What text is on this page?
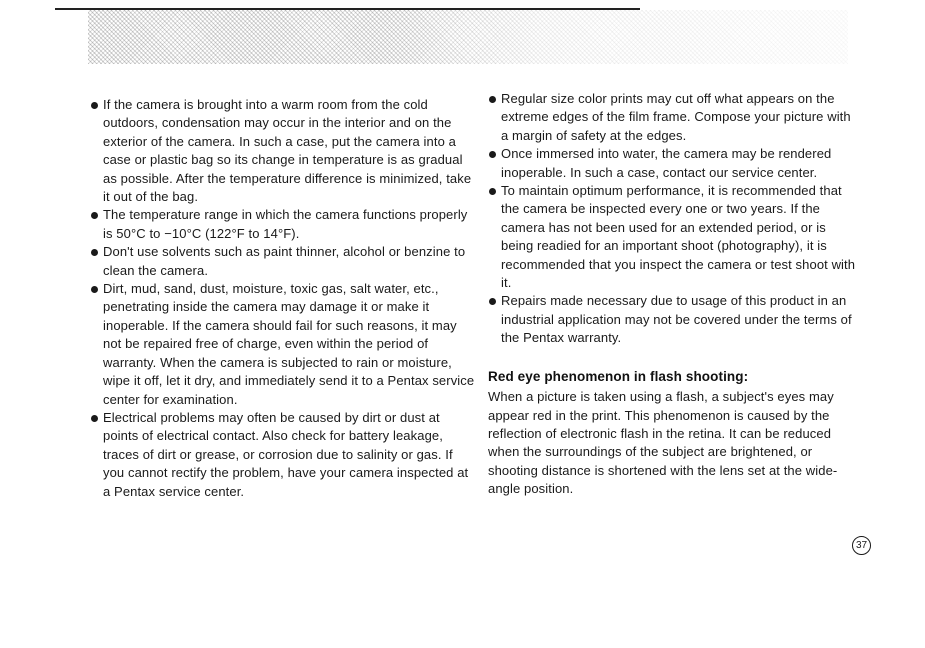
If the camera is brought into a warm room from the cold outdoors, condensation may occur in the interior and on the exterior of the camera. In such a case, put the camera into a case or plastic bag so its change in temperature is as gradual as possible. After the temperature difference is minimized, take it out of the bag.

The temperature range in which the camera functions properly is 50°C to −10°C (122°F to 14°F).

Don't use solvents such as paint thinner, alcohol or benzine to clean the camera.

Dirt, mud, sand, dust, moisture, toxic gas, salt water, etc., penetrating inside the camera may damage it or make it inoperable. If the camera should fail for such reasons, it may not be repaired free of charge, even within the period of warranty. When the camera is subjected to rain or moisture, wipe it off, let it dry, and immediately send it to a Pentax service center for examination.

Electrical problems may often be caused by dirt or dust at points of electrical contact. Also check for battery leakage, traces of dirt or grease, or corrosion due to salinity or gas. If you cannot rectify the problem, have your camera inspected at a Pentax service center.

Regular size color prints may cut off what appears on the extreme edges of the film frame. Compose your picture with a margin of safety at the edges.

Once immersed into water, the camera may be rendered inoperable. In such a case, contact our service center.

To maintain optimum performance, it is recommended that the camera be inspected every one or two years. If the camera has not been used for an extended period, or is being readied for an important shoot (photography), it is recommended that you inspect the camera or test shoot with it.

Repairs made necessary due to usage of this product in an industrial application may not be covered under the terms of the Pentax warranty.

Red eye phenomenon in flash shooting:

When a picture is taken using a flash, a subject's eyes may appear red in the print. This phenomenon is caused by the reflection of electronic flash in the retina. It can be reduced when the surroundings of the subject are brightened, or shooting distance is shortened with the lens set at the wide-angle position.

37
